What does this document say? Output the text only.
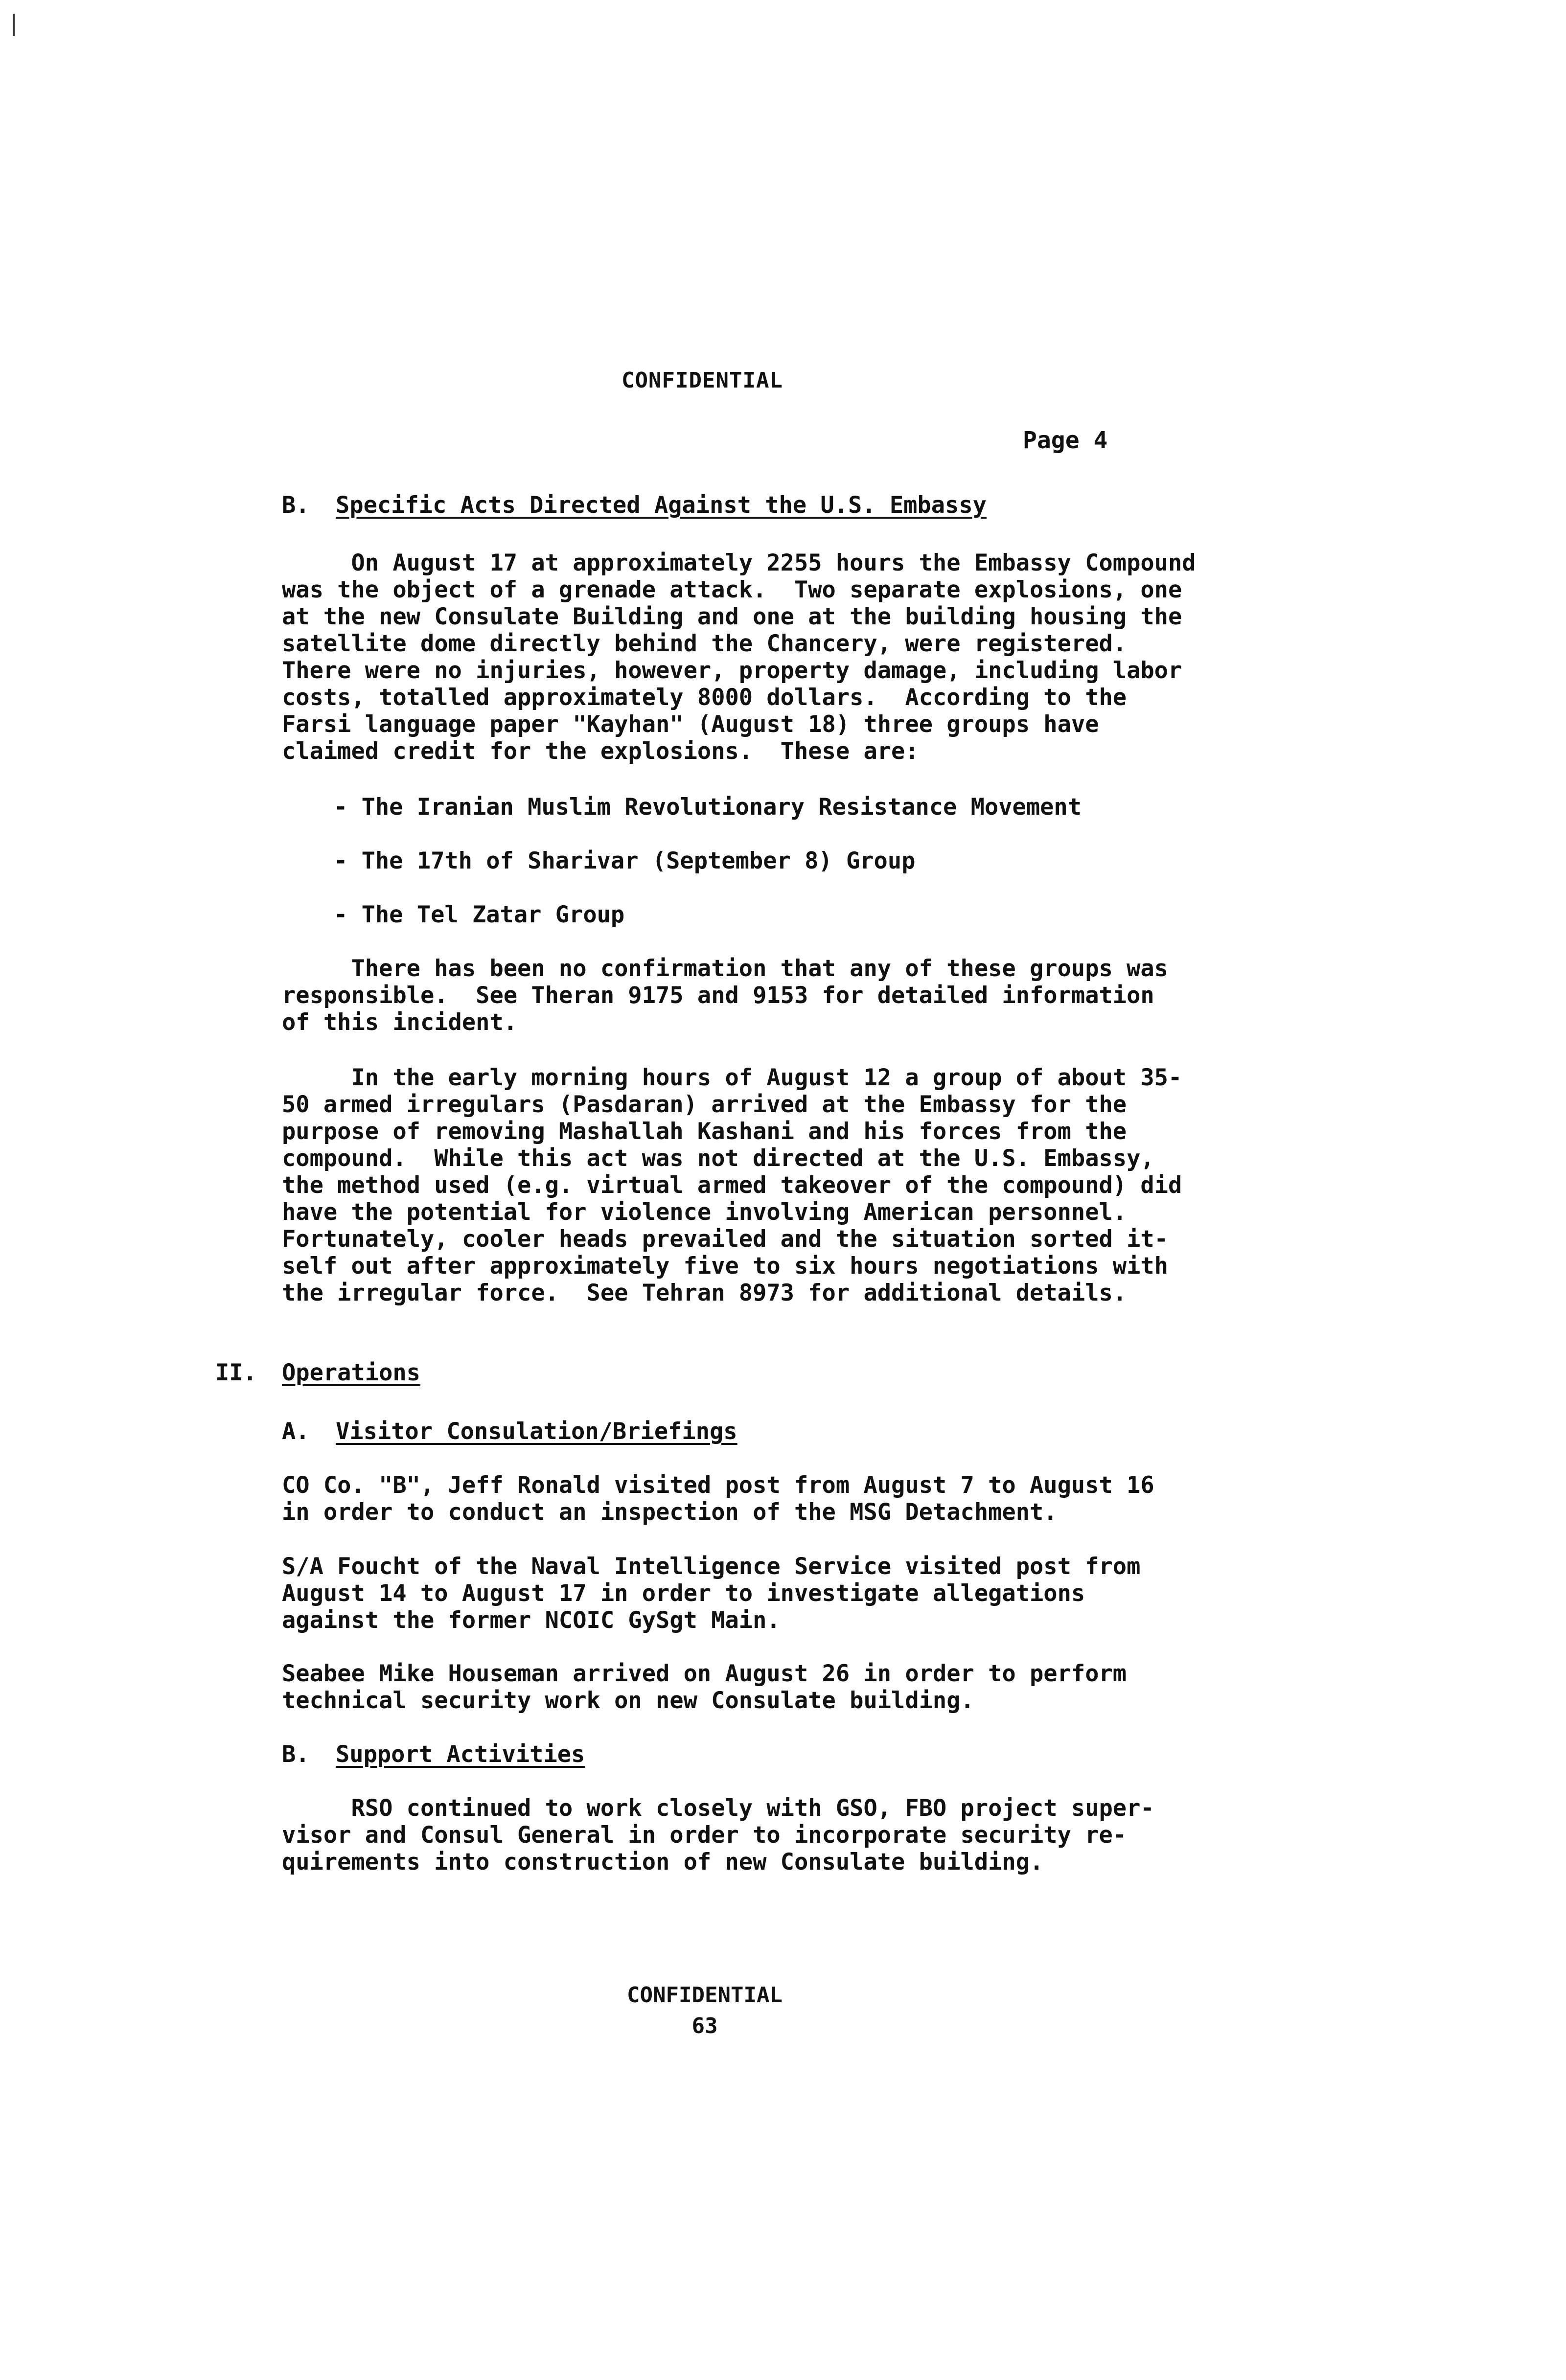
CONFIDENTIAL
Page 4
B. Specific Acts Directed Against the U.S. Embassy
On August 17 at approximately 2255 hours the Embassy Compound
was the object of a grenade attack.  Two separate explosions, one
at the new Consulate Building and one at the building housing the
satellite dome directly behind the Chancery, were registered.
There were no injuries, however, property damage, including labor
costs, totalled approximately 8000 dollars.  According to the
Farsi language paper "Kayhan" (August 18) three groups have
claimed credit for the explosions.  These are:
- The Iranian Muslim Revolutionary Resistance Movement
- The 17th of Sharivar (September 8) Group
- The Tel Zatar Group
There has been no confirmation that any of these groups was
responsible.  See Theran 9175 and 9153 for detailed information
of this incident.
In the early morning hours of August 12 a group of about 35-
50 armed irregulars (Pasdaran) arrived at the Embassy for the
purpose of removing Mashallah Kashani and his forces from the
compound.  While this act was not directed at the U.S. Embassy,
the method used (e.g. virtual armed takeover of the compound) did
have the potential for violence involving American personnel.
Fortunately, cooler heads prevailed and the situation sorted it-
self out after approximately five to six hours negotiations with
the irregular force.  See Tehran 8973 for additional details.
II. Operations
A. Visitor Consulation/Briefings
CO Co. "B", Jeff Ronald visited post from August 7 to August 16
in order to conduct an inspection of the MSG Detachment.
S/A Foucht of the Naval Intelligence Service visited post from
August 14 to August 17 in order to investigate allegations
against the former NCOIC GySgt Main.
Seabee Mike Houseman arrived on August 26 in order to perform
technical security work on new Consulate building.
B. Support Activities
RSO continued to work closely with GSO, FBO project super-
visor and Consul General in order to incorporate security re-
quirements into construction of new Consulate building.
CONFIDENTIAL
63
